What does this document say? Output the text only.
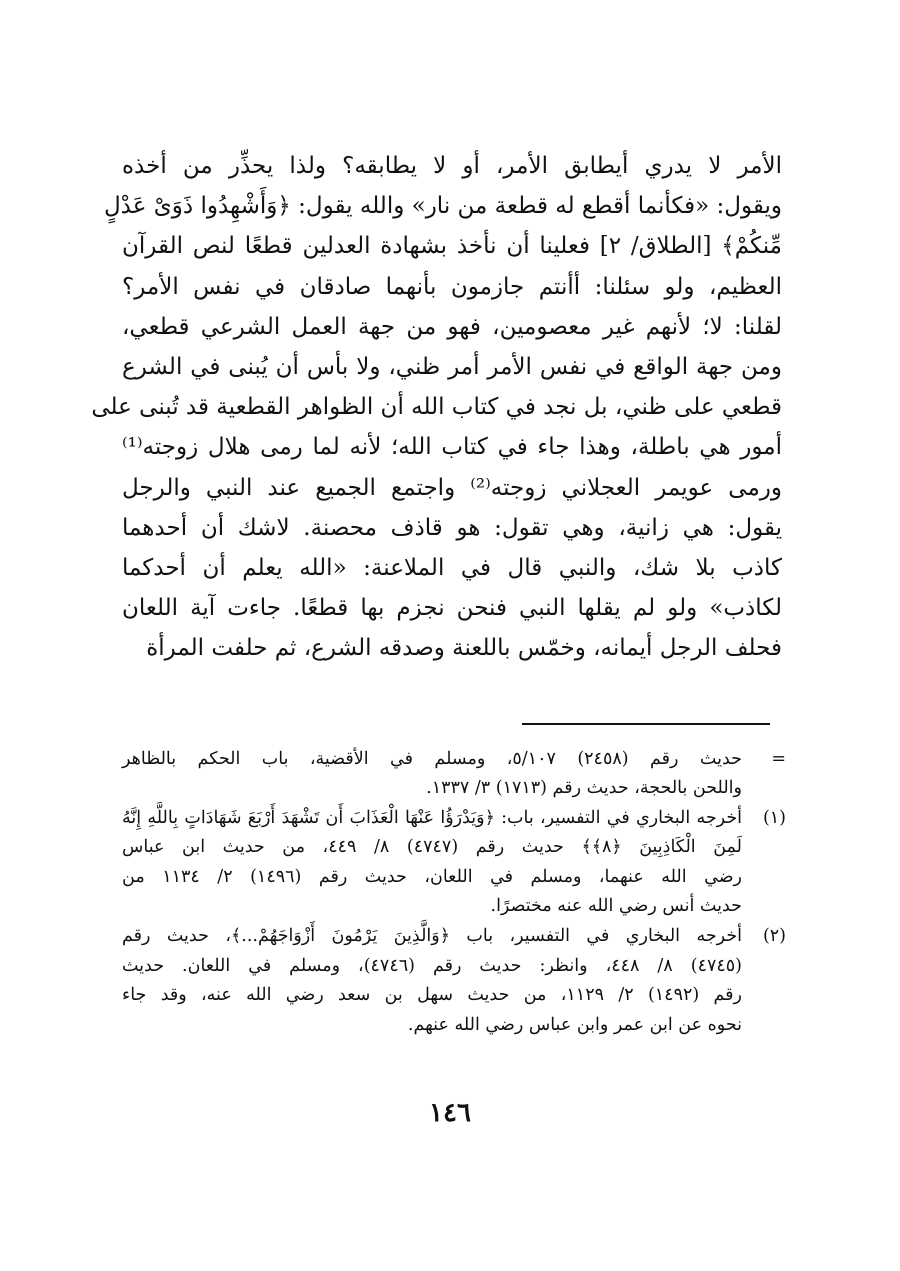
الأمر لا يدري أيطابق الأمر، أو لا يطابقه؟ ولذا يحذِّر من أخذه
ويقول: «فكأنما أقطع له قطعة من نار» والله يقول: ﴿وَأَشْهِدُوا ذَوَىْ عَدْلٍ
مِّنكُمْ﴾ [الطلاق/ ٢] فعلينا أن نأخذ بشهادة العدلين قطعًا لنص القرآن
العظيم، ولو سئلنا: أأنتم جازمون بأنهما صادقان في نفس الأمر؟
لقلنا: لا؛ لأنهم غير معصومين، فهو من جهة العمل الشرعي قطعي،
ومن جهة الواقع في نفس الأمر أمر ظني، ولا بأس أن يُبنى في الشرع
قطعي على ظني، بل نجد في كتاب الله أن الظواهر القطعية قد تُبنى على
أمور هي باطلة، وهذا جاء في كتاب الله؛ لأنه لما رمى هلال زوجته⁽¹⁾
ورمى عويمر العجلاني زوجته⁽²⁾ واجتمع الجميع عند النبي والرجل
يقول: هي زانية، وهي تقول: هو قاذف محصنة. لاشك أن أحدهما
كاذب بلا شك، والنبي قال في الملاعنة: «الله يعلم أن أحدكما
لكاذب» ولو لم يقلها النبي فنحن نجزم بها قطعًا. جاءت آية اللعان
فحلف الرجل أيمانه، وخمّس باللعنة وصدقه الشرع، ثم حلفت المرأة
=
حديث رقم (٢٤٥٨) ٥/١٠٧، ومسلم في الأقضية، باب الحكم بالظاهر
واللحن بالحجة، حديث رقم (١٧١٣) ٣/ ١٣٣٧.
(١)
أخرجه البخاري في التفسير، باب: ﴿وَيَدْرَؤُا عَنْهَا الْعَذَابَ أَن تَشْهَدَ أَرْبَعَ شَهَادَاتٍ بِاللَّهِ إِنَّهُ
لَمِنَ الْكَاذِبِينَ ﴿٨﴾﴾ حديث رقم (٤٧٤٧) ٨/ ٤٤٩، من حديث ابن عباس
رضي الله عنهما، ومسلم في اللعان، حديث رقم (١٤٩٦) ٢/ ١١٣٤ من
حديث أنس رضي الله عنه مختصرًا.
(٢)
أخرجه البخاري في التفسير، باب ﴿وَالَّذِينَ يَرْمُونَ أَزْوَاجَهُمْ...﴾، حديث رقم
(٤٧٤٥) ٨/ ٤٤٨، وانظر: حديث رقم (٤٧٤٦)، ومسلم في اللعان. حديث
رقم (١٤٩٢) ٢/ ١١٢٩، من حديث سهل بن سعد رضي الله عنه، وقد جاء
نحوه عن ابن عمر وابن عباس رضي الله عنهم.
١٤٦
